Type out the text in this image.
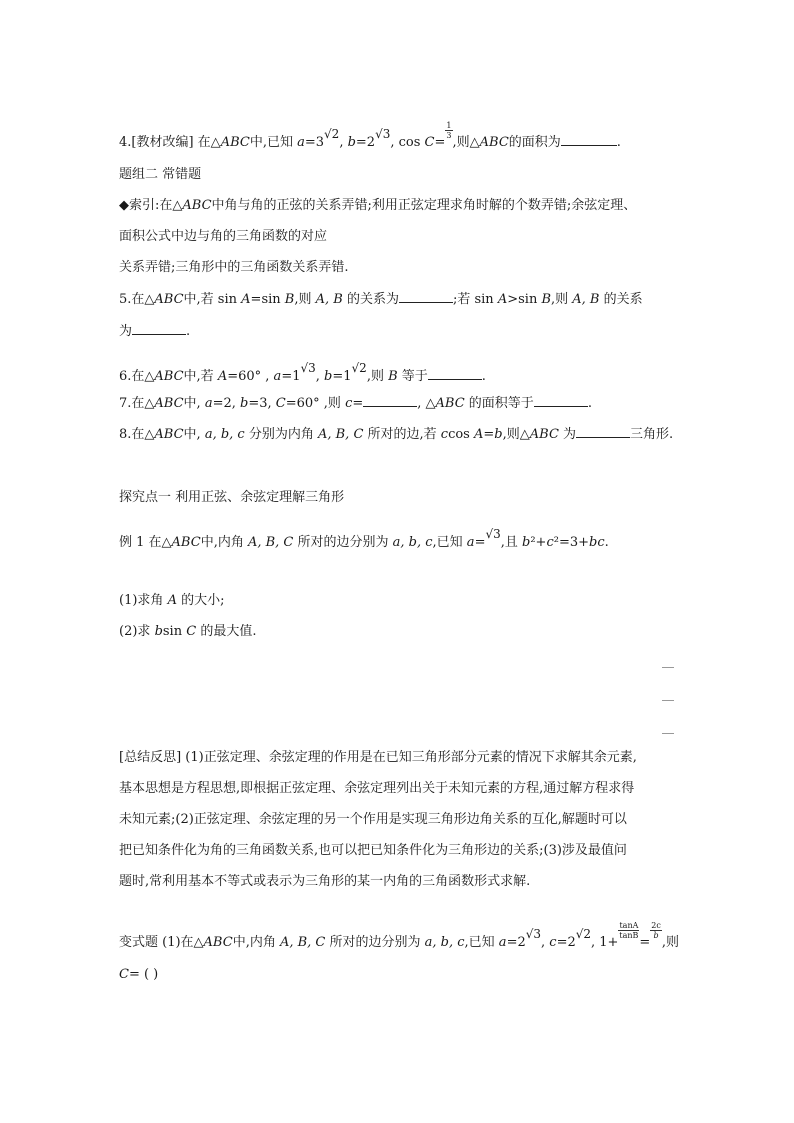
4.[教材改编] 在△ABC中,已知 a=3√2, b=2√3, cos C=
$\frac{1}{3}$
,则△ABC的面积为	.
题组二 常错题
◆索引:在△ABC中角与角的正弦的关系弄错;利用正弦定理求角时解的个数弄错;余弦定理、
面积公式中边与角的三角函数的对应
关系弄错;三角形中的三角函数关系弄错.
5.在△ABC中,若 sin A=sin B,则 A, B 的关系为	;若 sin A>sin B,则 A, B 的关系
为	.
6.在△ABC中,若 A=60° , a=1√3, b=1√2,则 B 等于	.
7.在△ABC中, a=2, b=3, C=60° ,则 c=	, △ABC 的面积等于	.
8.在△ABC中, a, b, c 分别为内角 A, B, C 所对的边,若 ccos A=b,则△ABC 为	三角形.
探究点一 利用正弦、余弦定理解三角形
例 1 在△ABC中,内角 A, B, C 所对的边分别为 a, b, c,已知 a=√3,且 b²+c²=3+bc.
(1)求角 A 的大小;
(2)求 bsin C 的最大值.
[总结反思] (1)正弦定理、余弦定理的作用是在已知三角形部分元素的情况下求解其余元素,
基本思想是方程思想,即根据正弦定理、余弦定理列出关于未知元素的方程,通过解方程求得
未知元素;(2)正弦定理、余弦定理的另一个作用是实现三角形边角关系的互化,解题时可以
把已知条件化为角的三角函数关系,也可以把已知条件化为三角形边的关系;(3)涉及最值问
题时,常利用基本不等式或表示为三角形的某一内角的三角函数形式求解.
变式题 (1)在△ABC中,内角 A, B, C 所对的边分别为 a, b, c,已知 a=2√3, c=2√2, 1+
$\frac{\tan A}{\tan B}$
=
$\frac{2c}{b}$
,则
C= ( )
